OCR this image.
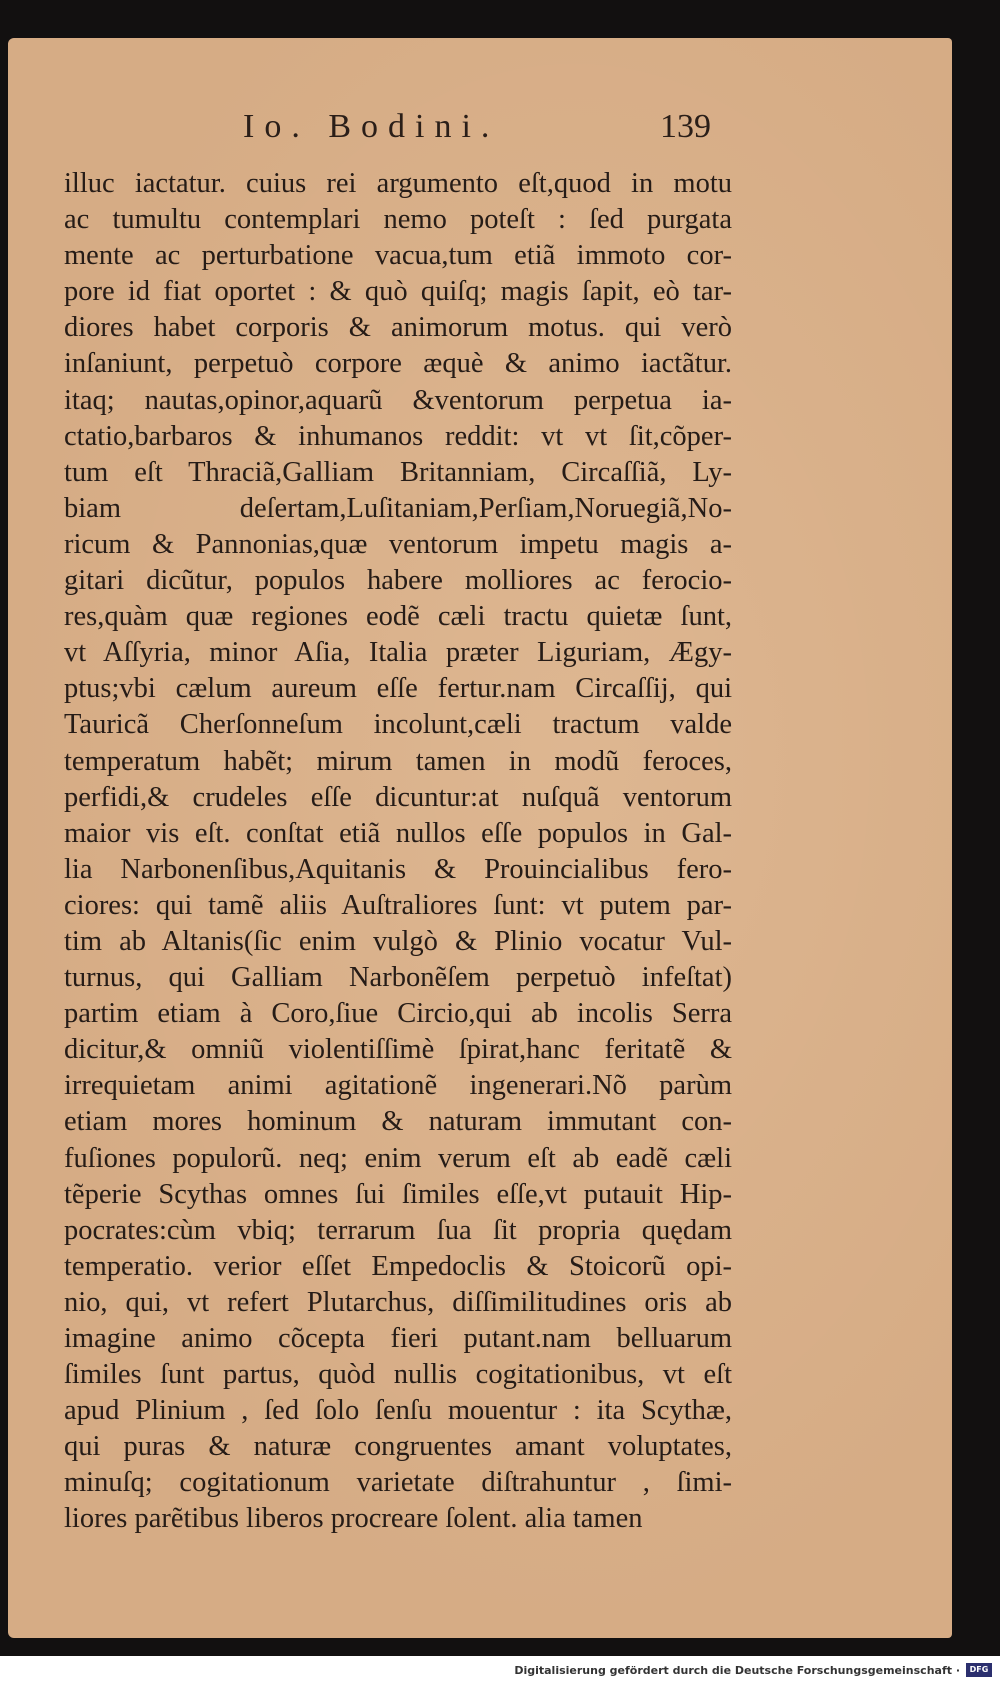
Io. Bodini.	139
illuc iactatur. cuius rei argumento eſt,quod in motu
ac tumultu contemplari nemo poteſt : ſed purgata
mente ac perturbatione vacua,tum etiã immoto cor-
pore id fiat oportet : & quò quiſq; magis ſapit, eò tar-
diores habet corporis & animorum motus. qui verò
inſaniunt, perpetuò corpore æquè & animo iactãtur.
itaq; nautas,opinor,aquarũ &ventorum perpetua ia-
ctatio,barbaros & inhumanos reddit: vt vt ſit,cõper-
tum eſt Thraciã,Galliam Britanniam, Circaſſiã, Ly-
biam deſertam,Luſitaniam,Perſiam,Noruegiã,No-
ricum & Pannonias,quæ ventorum impetu magis a-
gitari dicũtur, populos habere molliores ac ferocio-
res,quàm quæ regiones eodẽ cæli tractu quietæ ſunt,
vt Aſſyria, minor Aſia, Italia præter Liguriam, Ægy-
ptus;vbi cælum aureum eſſe fertur.nam Circaſſij, qui
Tauricã Cherſonneſum incolunt,cæli tractum valde
temperatum habẽt; mirum tamen in modũ feroces,
perfidi,& crudeles eſſe dicuntur:at nuſquã ventorum
maior vis eſt. conſtat etiã nullos eſſe populos in Gal-
lia Narbonenſibus,Aquitanis & Prouincialibus fero-
ciores: qui tamẽ aliis Auſtraliores ſunt: vt putem par-
tim ab Altanis(ſic enim vulgò & Plinio vocatur Vul-
turnus, qui Galliam Narbonẽſem perpetuò infeſtat)
partim etiam à Coro,ſiue Circio,qui ab incolis Serra
dicitur,& omniũ violentiſſimè ſpirat,hanc feritatẽ &
irrequietam animi agitationẽ ingenerari.Nõ parùm
etiam mores hominum & naturam immutant con-
fuſiones populorũ. neq; enim verum eſt ab eadẽ cæli
tẽperie Scythas omnes ſui ſimiles eſſe,vt putauit Hip-
pocrates:cùm vbiq; terrarum ſua ſit propria quędam
temperatio. verior eſſet Empedoclis & Stoicorũ opi-
nio, qui, vt refert Plutarchus, diſſimilitudines oris ab
imagine animo cõcepta fieri putant.nam belluarum
ſimiles ſunt partus, quòd nullis cogitationibus, vt eſt
apud Plinium , ſed ſolo ſenſu mouentur : ita Scythæ,
qui puras & naturæ congruentes amant voluptates,
minuſq; cogitationum varietate diſtrahuntur , ſimi-
liores parẽtibus liberos procreare ſolent. alia tamen
Digitalisierung gefördert durch die Deutsche Forschungsgemeinschaft ·	DFG
